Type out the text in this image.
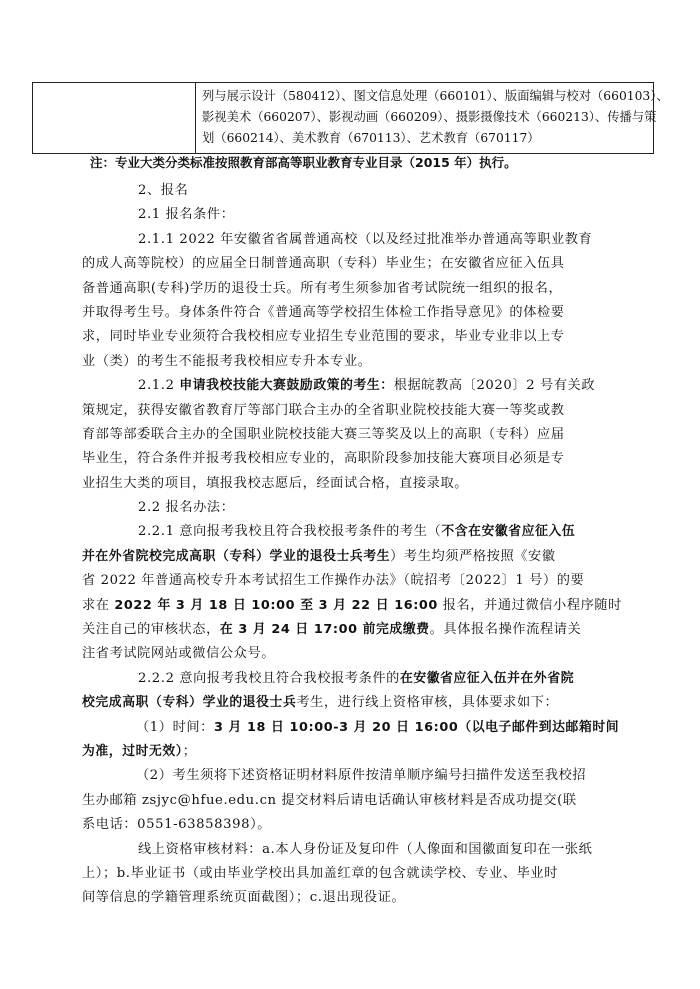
列与展示设计（580412）、图文信息处理（660101）、版面编辑与校对（660103）、
影视美术（660207）、影视动画（660209）、摄影摄像技术（660213）、传播与策
划（660214）、美术教育（670113）、艺术教育（670117）
注：专业大类分类标准按照教育部高等职业教育专业目录（2015 年）执行。
2、报名
2.1 报名条件：
2.1.1 2022 年安徽省省属普通高校（以及经过批准举办普通高等职业教育
的成人高等院校）的应届全日制普通高职（专科）毕业生；在安徽省应征入伍具
备普通高职(专科)学历的退役士兵。所有考生须参加省考试院统一组织的报名，
并取得考生号。身体条件符合《普通高等学校招生体检工作指导意见》的体检要
求，同时毕业专业须符合我校相应专业招生专业范围的要求，毕业专业非以上专
业（类）的考生不能报考我校相应专升本专业。
2.1.2 申请我校技能大赛鼓励政策的考生：根据皖教高〔2020〕2 号有关政
策规定，获得安徽省教育厅等部门联合主办的全省职业院校技能大赛一等奖或教
育部等部委联合主办的全国职业院校技能大赛三等奖及以上的高职（专科）应届
毕业生，符合条件并报考我校相应专业的，高职阶段参加技能大赛项目必须是专
业招生大类的项目，填报我校志愿后，经面试合格，直接录取。
2.2 报名办法：
2.2.1 意向报考我校且符合我校报考条件的考生（不含在安徽省应征入伍
并在外省院校完成高职（专科）学业的退役士兵考生）考生均须严格按照《安徽
省 2022 年普通高校专升本考试招生工作操作办法》（皖招考〔2022〕1 号）的要
求在 2022 年 3 月 18 日 10:00 至 3 月 22 日 16:00 报名，并通过微信小程序随时
关注自己的审核状态，在 3 月 24 日 17:00 前完成缴费。具体报名操作流程请关
注省考试院网站或微信公众号。
2.2.2 意向报考我校且符合我校报考条件的在安徽省应征入伍并在外省院
校完成高职（专科）学业的退役士兵考生，进行线上资格审核，具体要求如下：
（1）时间：3 月 18 日 10:00-3 月 20 日 16:00（以电子邮件到达邮箱时间
为准，过时无效）；
（2）考生须将下述资格证明材料原件按清单顺序编号扫描件发送至我校招
生办邮箱 zsjyc@hfue.edu.cn 提交材料后请电话确认审核材料是否成功提交(联
系电话：0551-63858398）。
线上资格审核材料：a.本人身份证及复印件（人像面和国徽面复印在一张纸
上）；b.毕业证书（或由毕业学校出具加盖红章的包含就读学校、专业、毕业时
间等信息的学籍管理系统页面截图）；c.退出现役证。
